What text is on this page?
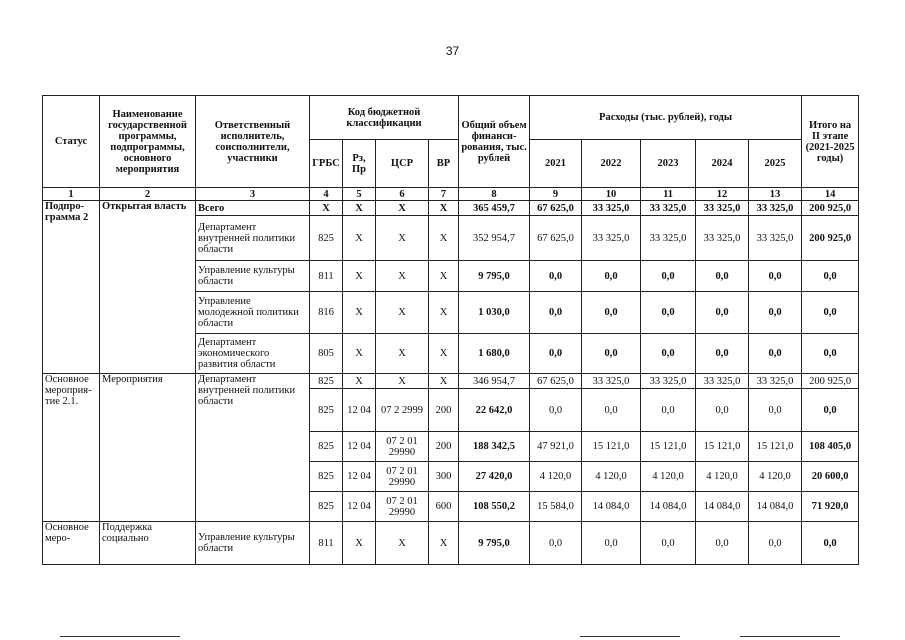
37
Статус	Наименование государственной программы, подпрограммы, основного мероприятия	Ответственный исполнитель, соисполнители, участники	Код бюджетной классификации				Общий объем финанси-рования, тыс. рублей	Расходы (тыс. рублей), годы					Итого на II этапе (2021-2025 годы)
			ГРБС	Рз, Пр	ЦСР	ВР		2021	2022	2023	2024	2025	
1	2	3	4	5	6	7	8	9	10	11	12	13	14
Подпро-грамма 2	Открытая власть	Всего	Х	Х	Х	Х	365 459,7	67 625,0	33 325,0	33 325,0	33 325,0	33 325,0	200 925,0
		Департамент внутренней политики области	825	Х	Х	Х	352 954,7	67 625,0	33 325,0	33 325,0	33 325,0	33 325,0	200 925,0
		Управление культуры области	811	Х	Х	Х	9 795,0	0,0	0,0	0,0	0,0	0,0	0,0
		Управление молодежной политики области	816	Х	Х	Х	1 030,0	0,0	0,0	0,0	0,0	0,0	0,0
		Департамент экономического развития области	805	Х	Х	Х	1 680,0	0,0	0,0	0,0	0,0	0,0	0,0
Основное мероприя-тие 2.1.	Мероприятия	Департамент внутренней политики области	825	Х	Х	Х	346 954,7	67 625,0	33 325,0	33 325,0	33 325,0	33 325,0	200 925,0
			825	12 04	07 2 2999	200	22 642,0	0,0	0,0	0,0	0,0	0,0	0,0
			825	12 04	07 2 01 29990	200	188 342,5	47 921,0	15 121,0	15 121,0	15 121,0	15 121,0	108 405,0
			825	12 04	07 2 01 29990	300	27 420,0	4 120,0	4 120,0	4 120,0	4 120,0	4 120,0	20 600,0
			825	12 04	07 2 01 29990	600	108 550,2	15 584,0	14 084,0	14 084,0	14 084,0	14 084,0	71 920,0
Основное меро-	Поддержка социально	Управление культуры области	811	Х	Х	Х	9 795,0	0,0	0,0	0,0	0,0	0,0	0,0
